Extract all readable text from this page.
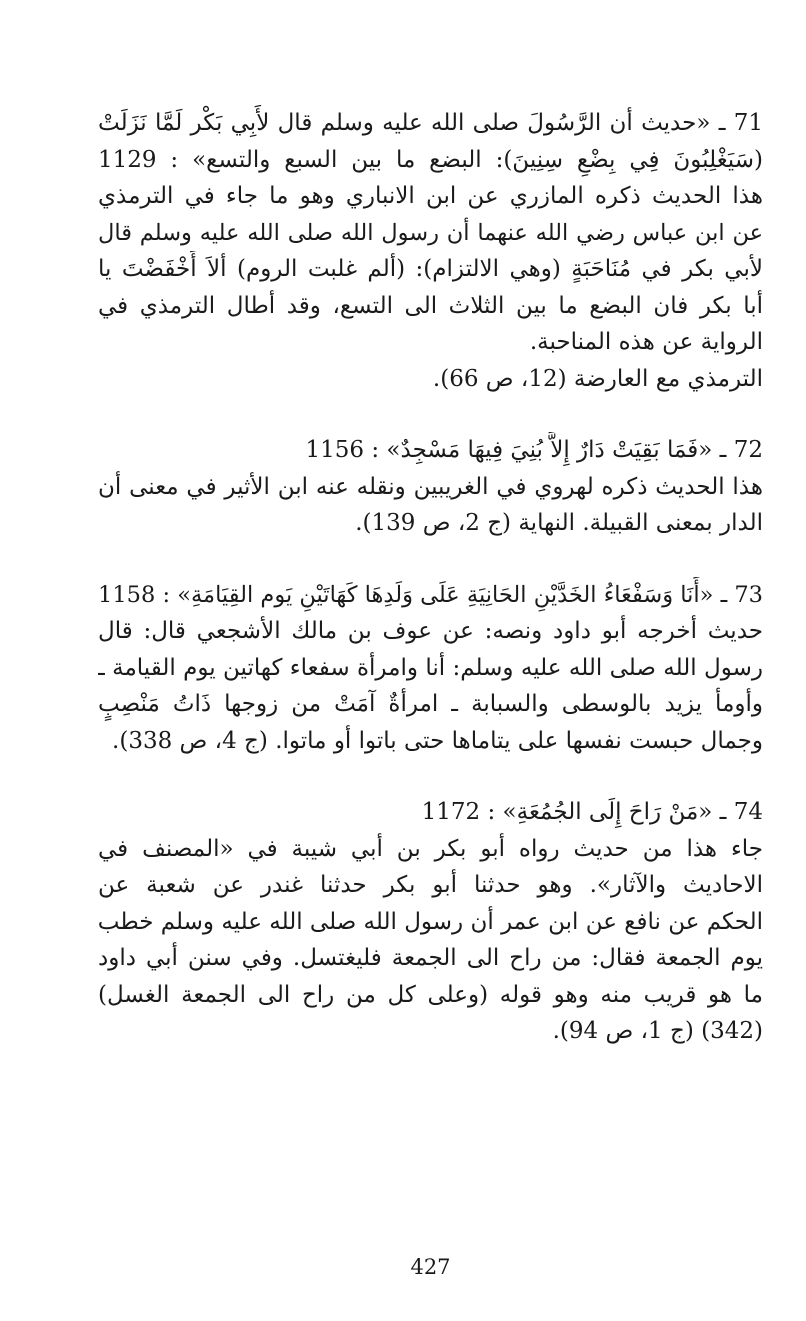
71 ـ «حديث أن الرَّسُولَ صلى الله عليه وسلم قال لأَبِي بَكْر لَمَّا نَزَلَتْ
(سَيَغْلِبُونَ فِي بِضْعِ سِنِينَ): البضع ما بين السبع والتسع» : 1129
هذا الحديث ذكره المازري عن ابن الانباري وهو ما جاء في الترمذي
عن ابن عباس رضي الله عنهما أن رسول الله صلى الله عليه وسلم قال
لأبي بكر في مُنَاحَبَةٍ (وهي الالتزام): (ألم غلبت الروم) ألاَ أَخْفَضْتَ يا
أبا بكر فان البضع ما بين الثلاث الى التسع، وقد أطال الترمذي في
الرواية عن هذه المناحبة.
الترمذي مع العارضة (12، ص 66).
72 ـ «فَمَا بَقِيَتْ دَارٌ إِلاَّ بُنِيَ فِيهَا مَسْجِدٌ» : 1156
هذا الحديث ذكره لهروي في الغريبين ونقله عنه ابن الأثير في معنى أن
الدار بمعنى القبيلة. النهاية (ج 2، ص 139).
73 ـ «أَنَا وَسَفْعَاءُ الخَدَّيْنِ الحَانِيَةِ عَلَى وَلَدِهَا كَهَاتَيْنِ يَوم القِيَامَةِ» : 1158
حديث أخرجه أبو داود ونصه: عن عوف بن مالك الأشجعي قال: قال
رسول الله صلى الله عليه وسلم: أنا وامرأة سفعاء كهاتين يوم القيامة ـ
وأومأ يزيد بالوسطى والسبابة ـ امرأةٌ آمَتْ من زوجها ذَاتُ مَنْصِبٍ
وجمال حبست نفسها على يتاماها حتى باتوا أو ماتوا. (ج 4، ص 338).
74 ـ «مَنْ رَاحَ إِلَى الجُمُعَةِ» : 1172
جاء هذا من حديث رواه أبو بكر بن أبي شيبة في «المصنف في
الاحاديث والآثار». وهو حدثنا أبو بكر حدثنا غندر عن شعبة عن
الحكم عن نافع عن ابن عمر أن رسول الله صلى الله عليه وسلم خطب
يوم الجمعة فقال: من راح الى الجمعة فليغتسل. وفي سنن أبي داود
ما هو قريب منه وهو قوله (وعلى كل من راح الى الجمعة الغسل)
(342) (ج 1، ص 94).
427
